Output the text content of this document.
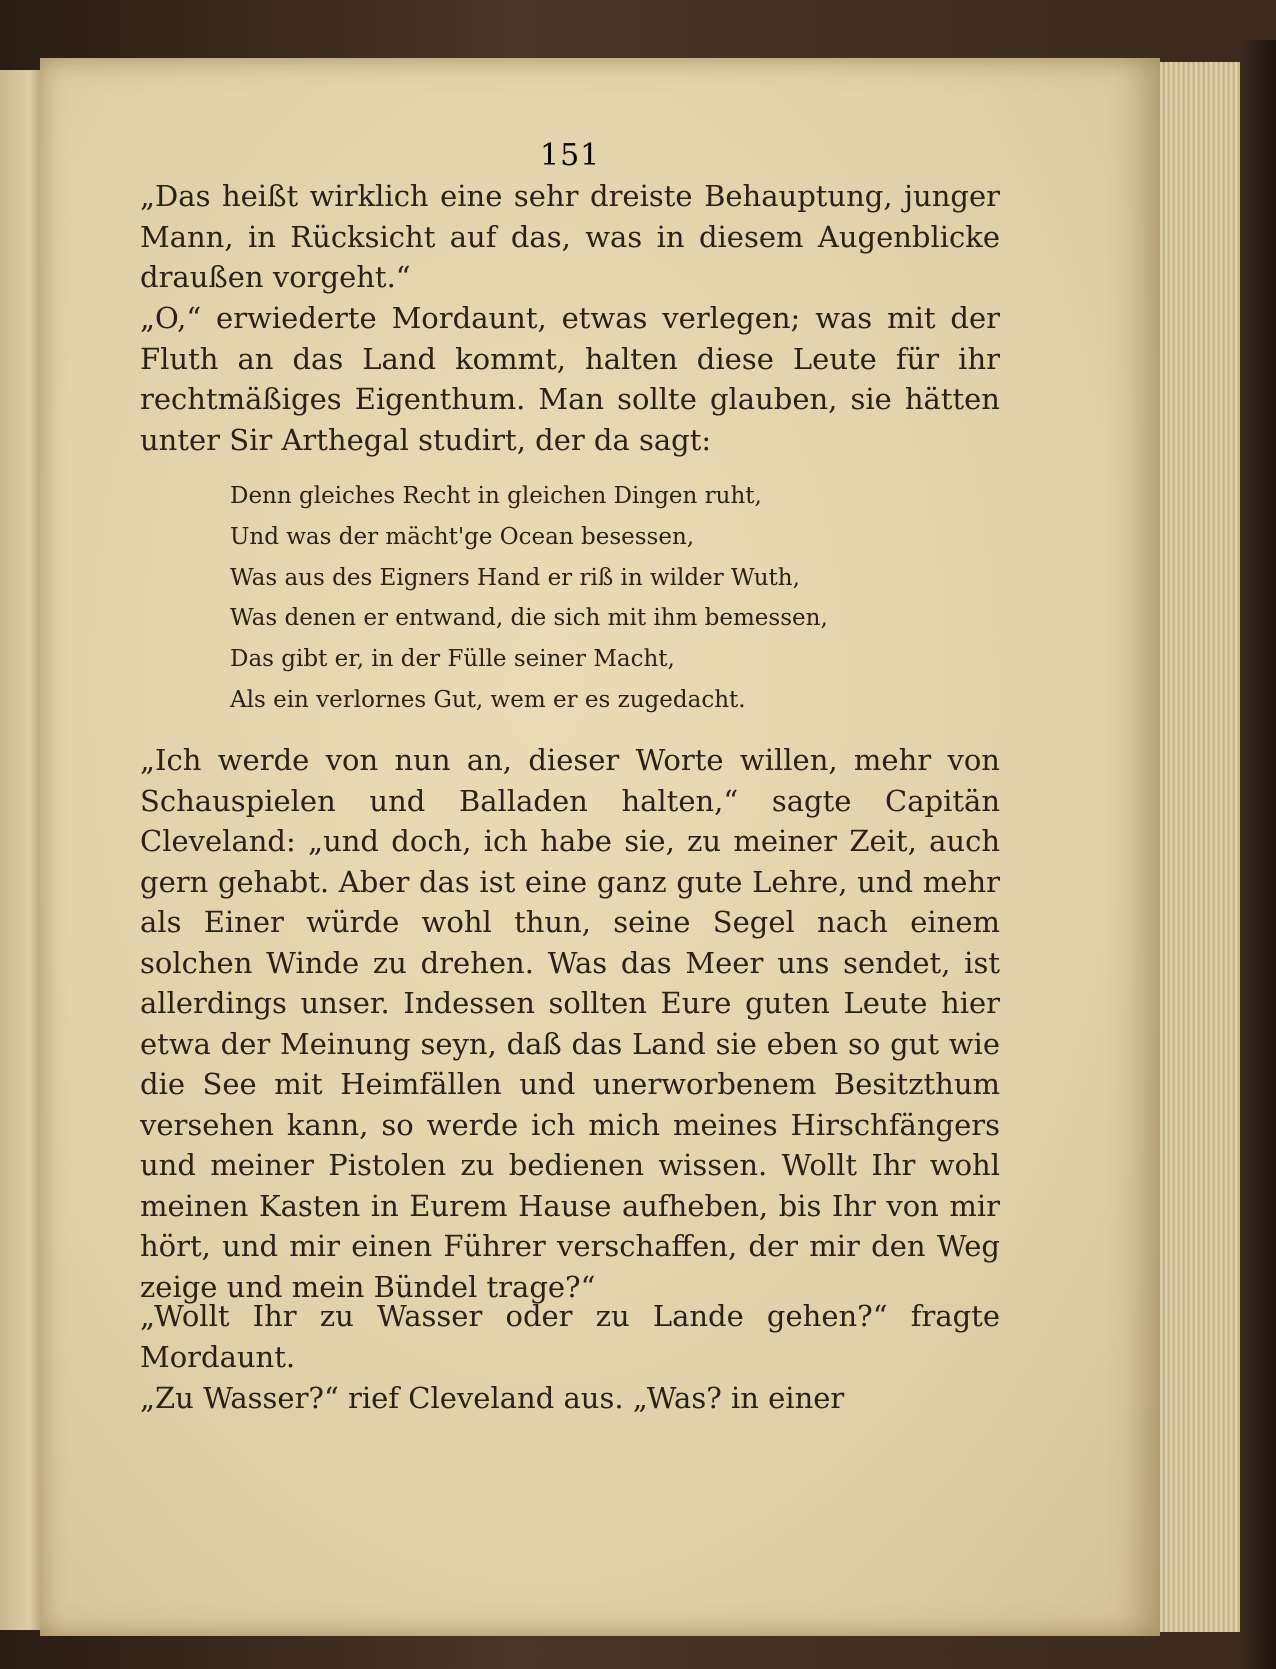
151

„Das heißt wirklich eine sehr dreiste Behauptung, junger Mann, in Rücksicht auf das, was in diesem Augenblicke draußen vorgeht.“

„O,“ erwiederte Mordaunt, etwas verlegen; was mit der Fluth an das Land kommt, halten diese Leute für ihr rechtmäßiges Eigenthum. Man sollte glauben, sie hätten unter Sir Arthegal studirt, der da sagt:

Denn gleiches Recht in gleichen Dingen ruht,
Und was der mächt'ge Ocean besessen,
Was aus des Eigners Hand er riß in wilder Wuth,
Was denen er entwand, die sich mit ihm bemessen,
Das gibt er, in der Fülle seiner Macht,
Als ein verlornes Gut, wem er es zugedacht.

„Ich werde von nun an, dieser Worte willen, mehr von Schauspielen und Balladen halten,“ sagte Capitän Cleveland: „und doch, ich habe sie, zu meiner Zeit, auch gern gehabt. Aber das ist eine ganz gute Lehre, und mehr als Einer würde wohl thun, seine Segel nach einem solchen Winde zu drehen. Was das Meer uns sendet, ist allerdings unser. Indessen sollten Eure guten Leute hier etwa der Meinung seyn, daß das Land sie eben so gut wie die See mit Heimfällen und unerworbenem Besitzthum versehen kann, so werde ich mich meines Hirschfängers und meiner Pistolen zu bedienen wissen. Wollt Ihr wohl meinen Kasten in Eurem Hause aufheben, bis Ihr von mir hört, und mir einen Führer verschaffen, der mir den Weg zeige und mein Bündel trage?“

„Wollt Ihr zu Wasser oder zu Lande gehen?“ fragte Mordaunt.

„Zu Wasser?“ rief Cleveland aus. „Was? in einer
